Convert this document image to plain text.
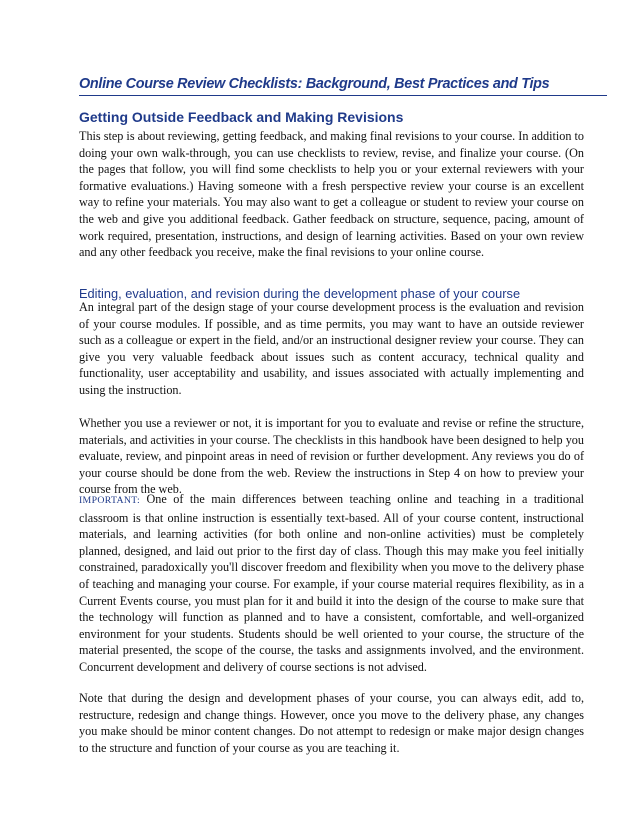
Online Course Review Checklists: Background, Best Practices and Tips
Getting Outside Feedback and Making Revisions

This step is about reviewing, getting feedback, and making final revisions to your course. In addition to doing your own walk-through, you can use checklists to review, revise, and finalize your course. (On the pages that follow, you will find some checklists to help you or your external reviewers with your formative evaluations.) Having someone with a fresh perspective review your course is an excellent way to refine your materials. You may also want to get a colleague or student to review your course on the web and give you additional feedback. Gather feedback on structure, sequence, pacing, amount of work required, presentation, instructions, and design of learning activities. Based on your own review and any other feedback you receive, make the final revisions to your online course.

Editing, evaluation, and revision during the development phase of your course

An integral part of the design stage of your course development process is the evaluation and revision of your course modules. If possible, and as time permits, you may want to have an outside reviewer such as a colleague or expert in the field, and/or an instructional designer review your course. They can give you very valuable feedback about issues such as content accuracy, technical quality and functionality, user acceptability and usability, and issues associated with actually implementing and using the instruction.

Whether you use a reviewer or not, it is important for you to evaluate and revise or refine the structure, materials, and activities in your course. The checklists in this handbook have been designed to help you evaluate, review, and pinpoint areas in need of revision or further development. Any reviews you do of your course should be done from the web. Review the instructions in Step 4 on how to preview your course from the web.

IMPORTANT: One of the main differences between teaching online and teaching in a traditional classroom is that online instruction is essentially text-based. All of your course content, instructional materials, and learning activities (for both online and non-online activities) must be completely planned, designed, and laid out prior to the first day of class. Though this may make you feel initially constrained, paradoxically you'll discover freedom and flexibility when you move to the delivery phase of teaching and managing your course. For example, if your course material requires flexibility, as in a Current Events course, you must plan for it and build it into the design of the course to make sure that the technology will function as planned and to have a consistent, comfortable, and well-organized environment for your students. Students should be well oriented to your course, the structure of the material presented, the scope of the course, the tasks and assignments involved, and the environment. Concurrent development and delivery of course sections is not advised.

Note that during the design and development phases of your course, you can always edit, add to, restructure, redesign and change things. However, once you move to the delivery phase, any changes you make should be minor content changes. Do not attempt to redesign or make major design changes to the structure and function of your course as you are teaching it.
